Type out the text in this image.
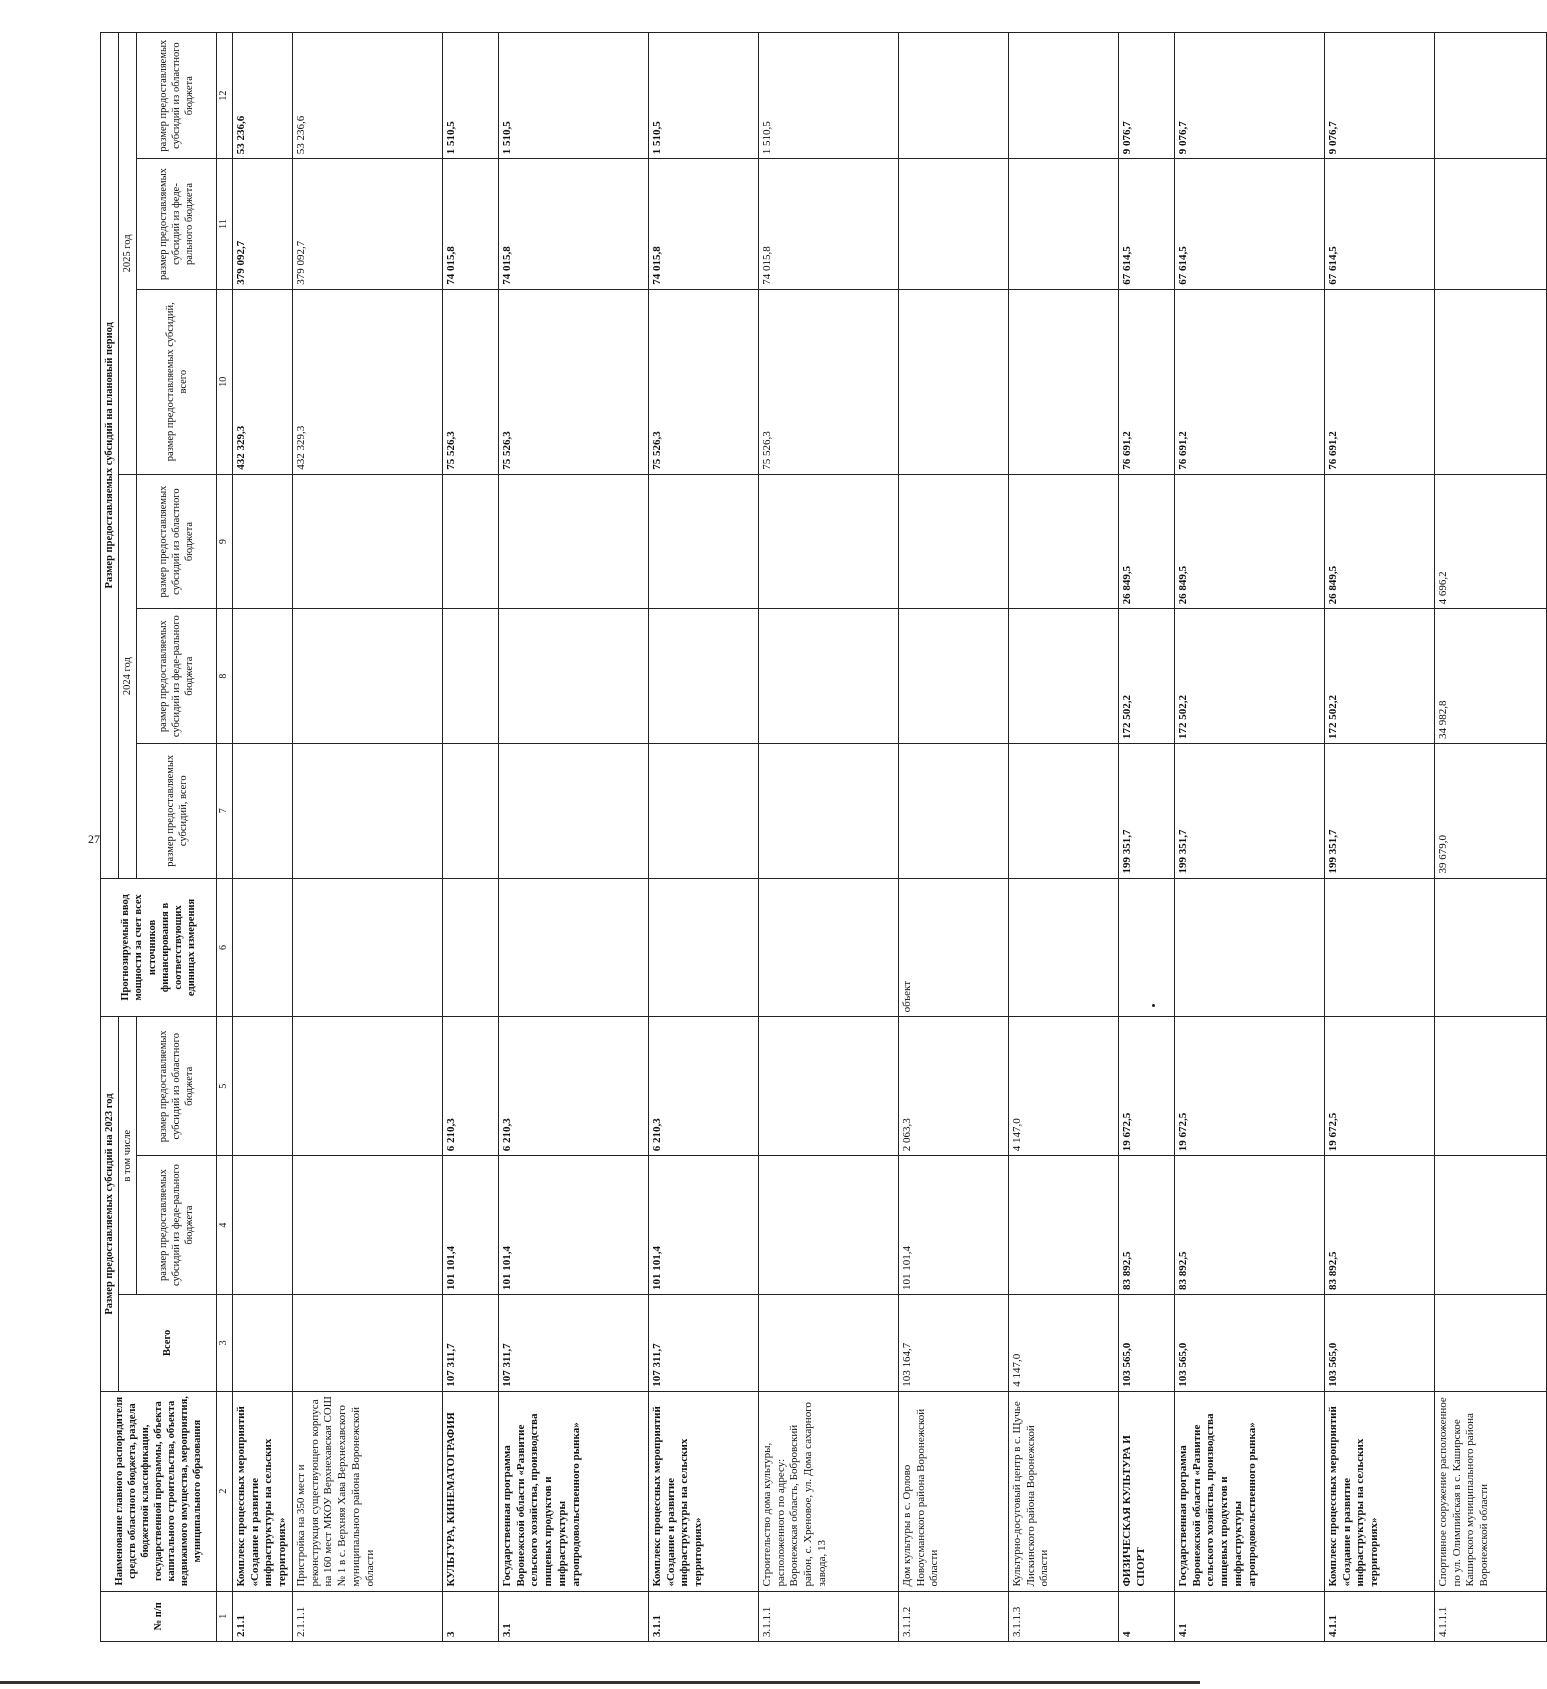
27
№ п/п	Наименование главного распорядителя средств областного бюджета, раздела бюджетной классификации, государственной программы, объекта капитального строительства, объекта недвижимого имущества, мероприятия, муниципального образования	Размер предоставляемых субсидий на 2023 год			Прогнозируемый ввод мощности за счет всех источников финансирования в соответствующих единицах измерения	Размер предоставляемых субсидий на плановый период					
		Всего	в том числе			2024 год			2025 год		
			размер предоставляемых субсидий из феде-рального бюджета	размер предоставляемых субсидий из областного бюджета		размер предоставляемых субсидий, всего	размер предоставляемых субсидий из феде-рального бюджета	размер предоставляемых субсидий из областного бюджета	размер предоставляемых субсидий, всего	размер предоставляемых субсидий из феде-рального бюджета	размер предоставляемых субсидий из областного бюджета

1	2	3	4	5	6	7	8	9	10	11	12
2.1.1	Комплекс процессных мероприятий «Создание и развитие инфраструктуры на сельских территориях»								432 329,3	379 092,7	53 236,6
2.1.1.1	Пристройка на 350 мест и реконструкция существующего корпуса на 160 мест МКОУ Верхнехавская СОШ № 1 в с. Верхняя Хава Верхнехавского муниципального района Воронежской области								432 329,3	379 092,7	53 236,6
3	КУЛЬТУРА, КИНЕМАТОГРАФИЯ	107 311,7	101 101,4	6 210,3					75 526,3	74 015,8	1 510,5
3.1	Государственная программа Воронежской области «Развитие сельского хозяйства, производства пищевых продуктов и инфраструктуры агропродовольственного рынка»	107 311,7	101 101,4	6 210,3					75 526,3	74 015,8	1 510,5
3.1.1	Комплекс процессных мероприятий «Создание и развитие инфраструктуры на сельских территориях»	107 311,7	101 101,4	6 210,3					75 526,3	74 015,8	1 510,5
3.1.1.1	Строительство дома культуры, расположенного по адресу: Воронежская область, Бобровский район, с. Хреновое, ул. Дома сахарного завода, 13								75 526,3	74 015,8	1 510,5
3.1.1.2	Дом культуры в с. Орлово Новоусманского района Воронежской области	103 164,7	101 101,4	2 063,3	объект						
3.1.1.3	Культурно-досуговый центр в с. Щучье Лискинского района Воронежской области	4 147,0		4 147,0							
4	ФИЗИЧЕСКАЯ КУЛЬТУРА И СПОРТ	103 565,0	83 892,5	19 672,5		199 351,7	172 502,2	26 849,5	76 691,2	67 614,5	9 076,7
4.1	Государственная программа Воронежской области «Развитие сельского хозяйства, производства пищевых продуктов и инфраструктуры агропродовольственного рынка»	103 565,0	83 892,5	19 672,5		199 351,7	172 502,2	26 849,5	76 691,2	67 614,5	9 076,7
4.1.1	Комплекс процессных мероприятий «Создание и развитие инфраструктуры на сельских территориях»	103 565,0	83 892,5	19 672,5		199 351,7	172 502,2	26 849,5	76 691,2	67 614,5	9 076,7
4.1.1.1	Спортивное сооружение расположенное по ул. Олимпийская в с. Каширское Каширского муниципального района Воронежской области					39 679,0	34 982,8	4 696,2			
